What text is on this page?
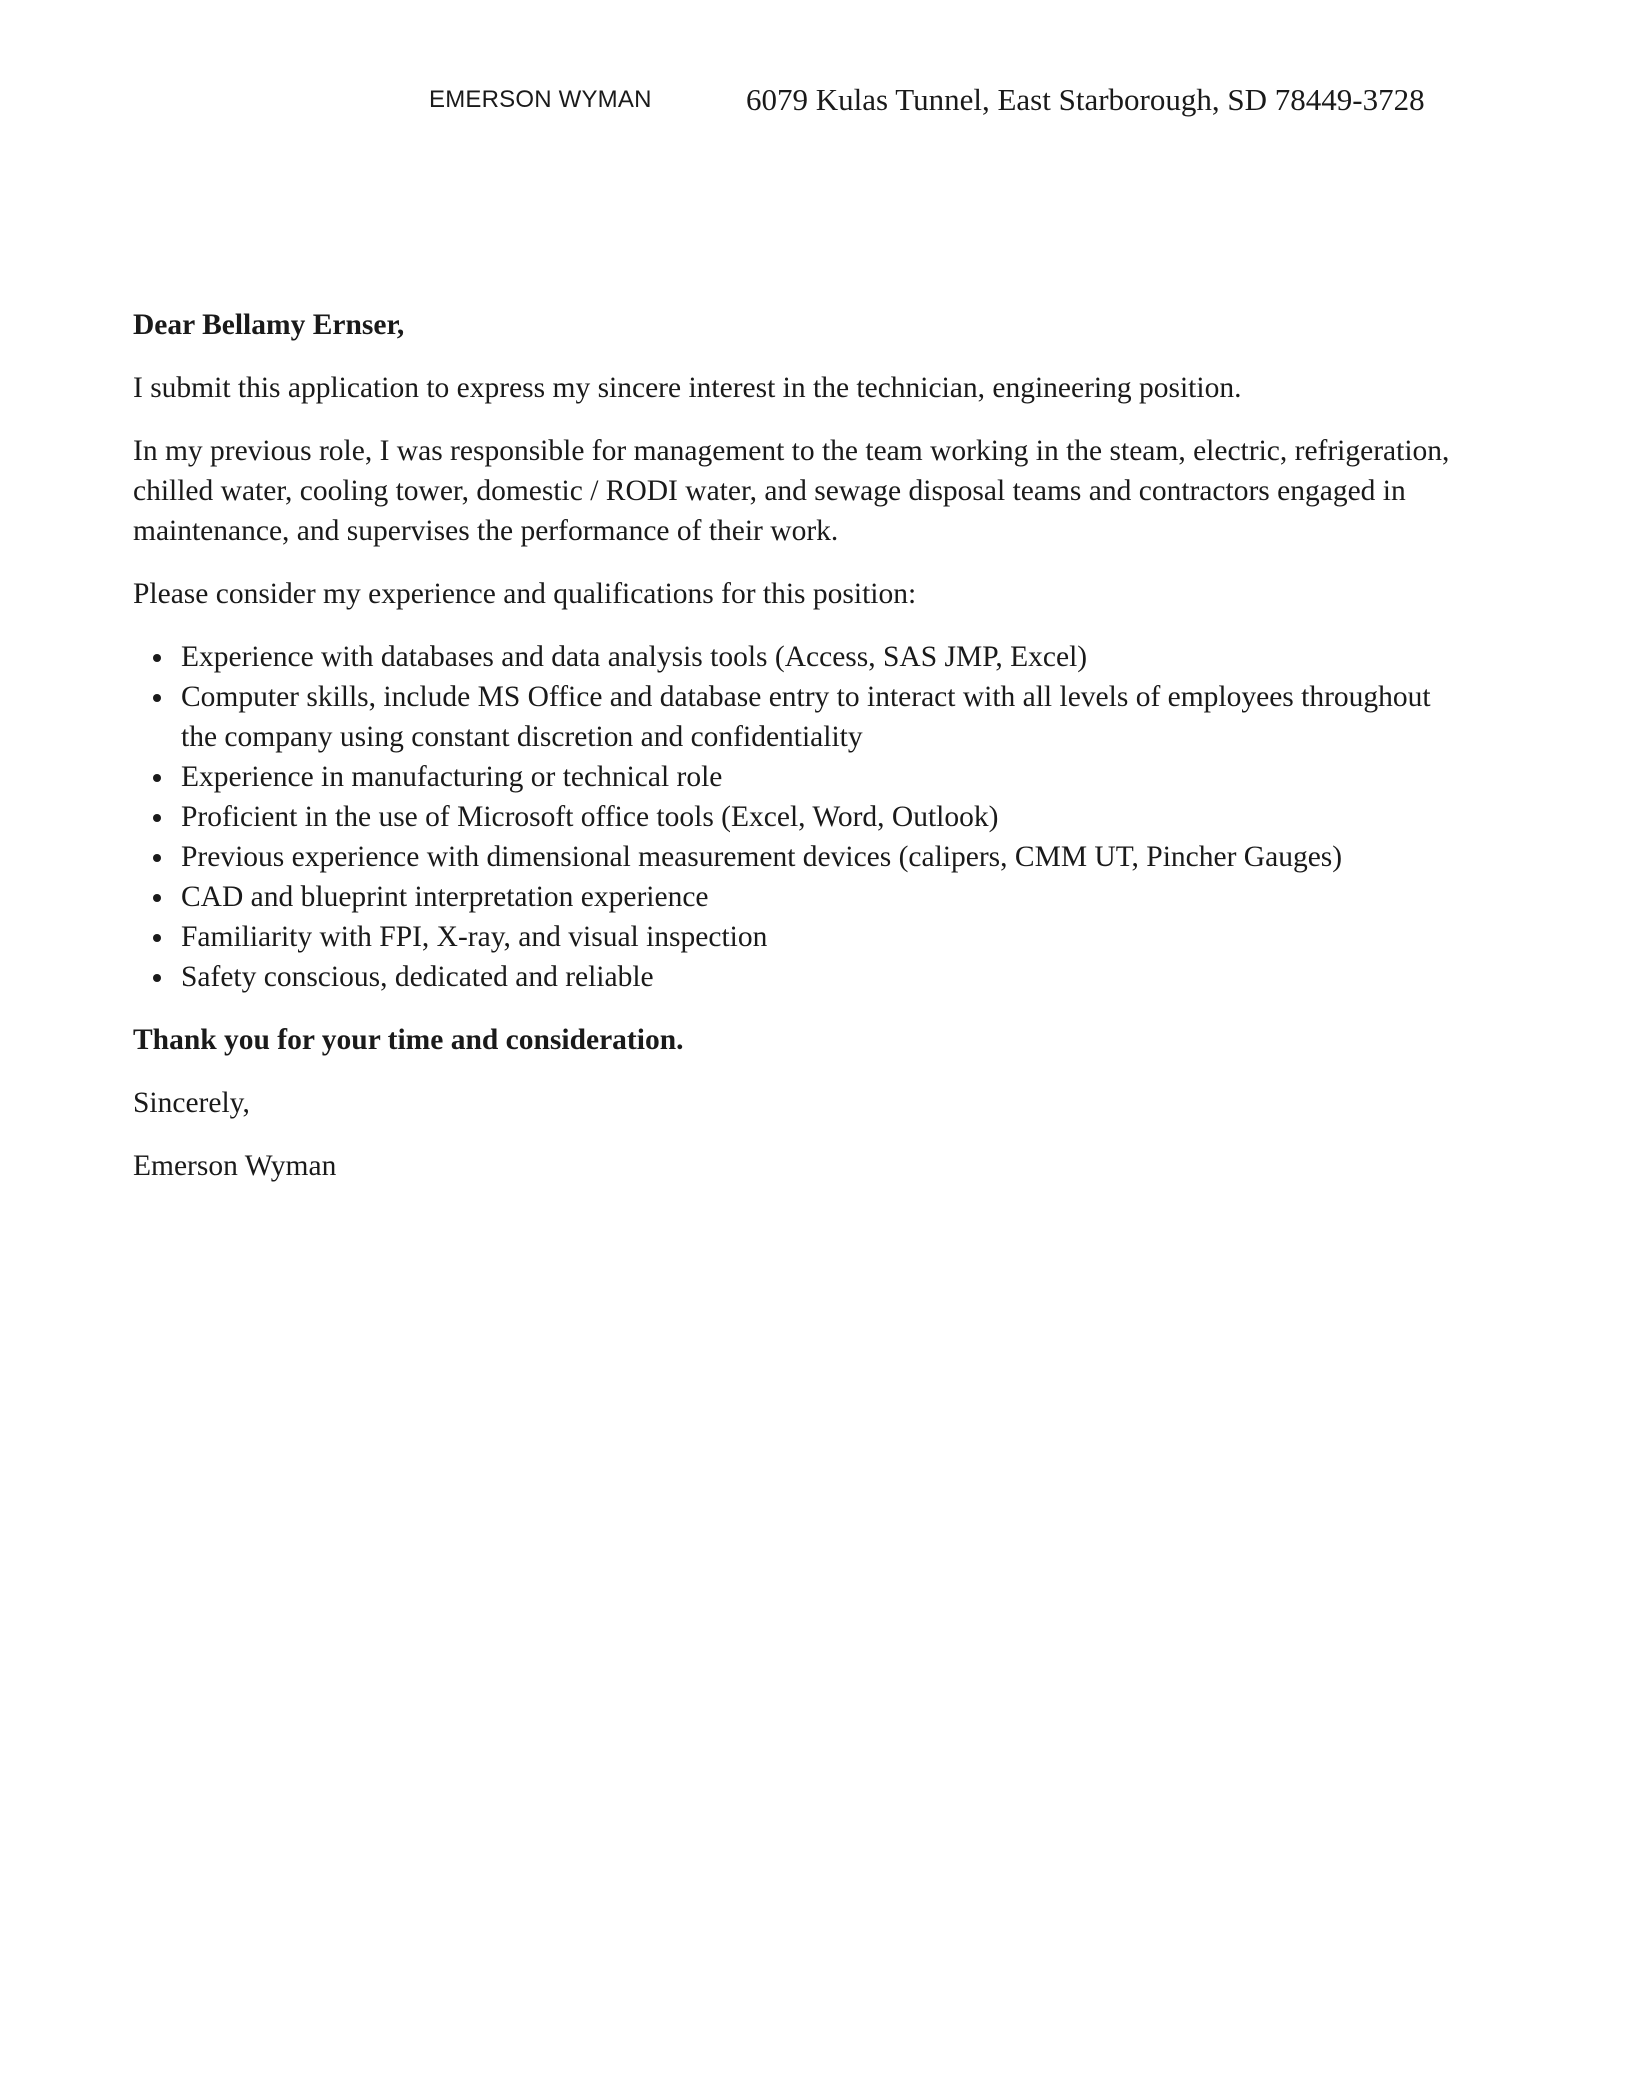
EMERSON WYMAN	6079 Kulas Tunnel, East Starborough, SD 78449-3728

Dear Bellamy Ernser,

I submit this application to express my sincere interest in the technician, engineering position.

In my previous role, I was responsible for management to the team working in the steam, electric, refrigeration, chilled water, cooling tower, domestic / RODI water, and sewage disposal teams and contractors engaged in maintenance, and supervises the performance of their work.

Please consider my experience and qualifications for this position:

Experience with databases and data analysis tools (Access, SAS JMP, Excel)
Computer skills, include MS Office and database entry to interact with all levels of employees throughout the company using constant discretion and confidentiality
Experience in manufacturing or technical role
Proficient in the use of Microsoft office tools (Excel, Word, Outlook)
Previous experience with dimensional measurement devices (calipers, CMM UT, Pincher Gauges)
CAD and blueprint interpretation experience
Familiarity with FPI, X-ray, and visual inspection
Safety conscious, dedicated and reliable

Thank you for your time and consideration.

Sincerely,

Emerson Wyman
